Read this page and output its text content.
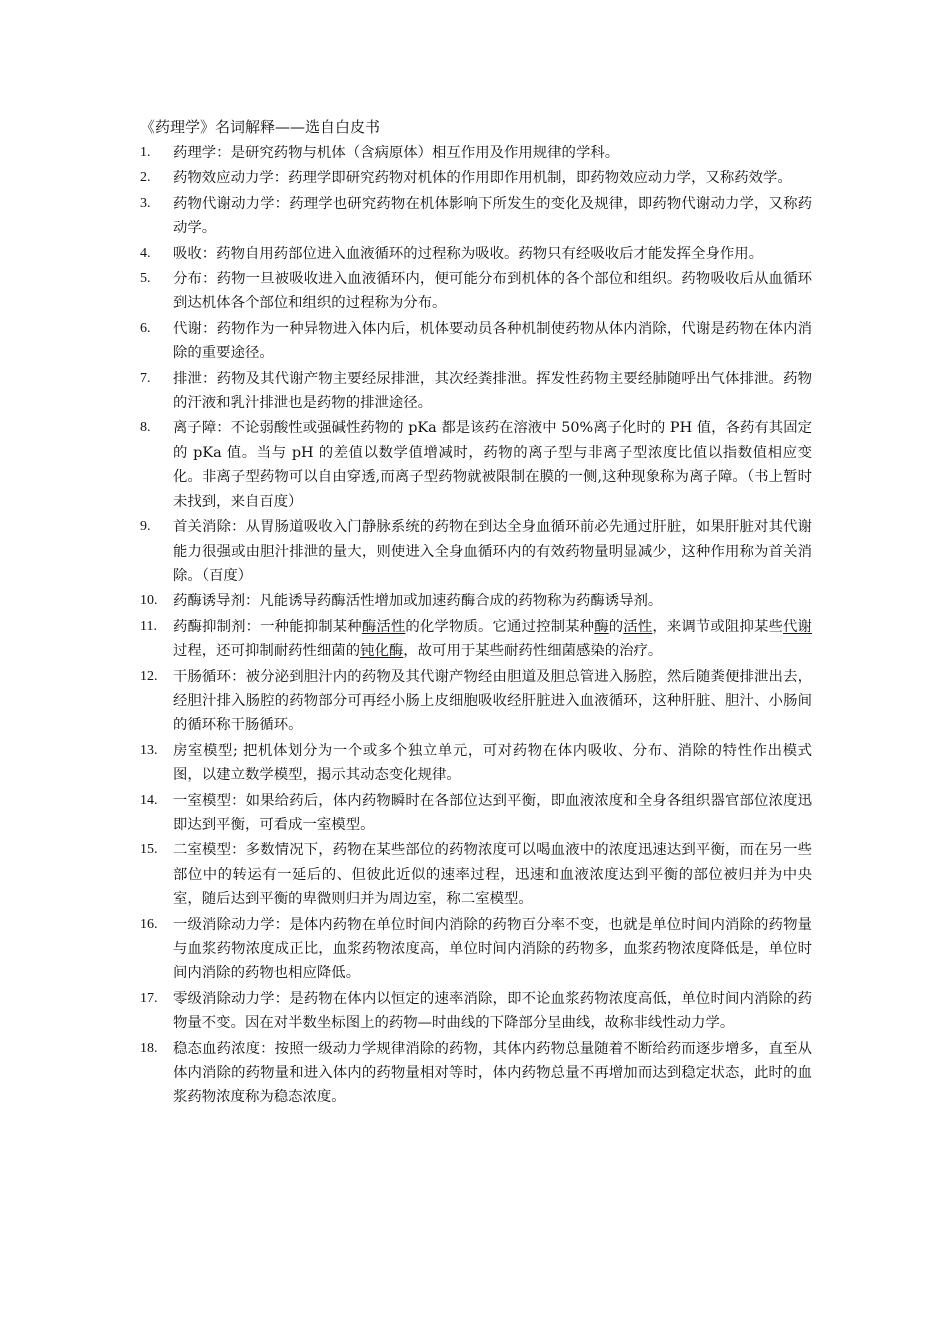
《药理学》名词解释——选自白皮书
1.	药理学：是研究药物与机体（含病原体）相互作用及作用规律的学科。
2.	药物效应动力学：药理学即研究药物对机体的作用即作用机制，即药物效应动力学，又称药效学。
3.	药物代谢动力学：药理学也研究药物在机体影响下所发生的变化及规律，即药物代谢动力学，又称药动学。
4.	吸收：药物自用药部位进入血液循环的过程称为吸收。药物只有经吸收后才能发挥全身作用。
5.	分布：药物一旦被吸收进入血液循环内，便可能分布到机体的各个部位和组织。药物吸收后从血循环到达机体各个部位和组织的过程称为分布。
6.	代谢：药物作为一种异物进入体内后，机体要动员各种机制使药物从体内消除，代谢是药物在体内消除的重要途径。
7.	排泄：药物及其代谢产物主要经尿排泄，其次经粪排泄。挥发性药物主要经肺随呼出气体排泄。药物的汗液和乳汁排泄也是药物的排泄途径。
8.	离子障：不论弱酸性或强碱性药物的 pKa 都是该药在溶液中 50%离子化时的 PH 值，各药有其固定的 pKa 值。当与 pH 的差值以数学值增减时，药物的离子型与非离子型浓度比值以指数值相应变化。非离子型药物可以自由穿透,而离子型药物就被限制在膜的一侧,这种现象称为离子障。（书上暂时未找到，来自百度）
9.	首关消除：从胃肠道吸收入门静脉系统的药物在到达全身血循环前必先通过肝脏，如果肝脏对其代谢能力很强或由胆汁排泄的量大，则使进入全身血循环内的有效药物量明显减少，这种作用称为首关消除。（百度）
10.	药酶诱导剂：凡能诱导药酶活性增加或加速药酶合成的药物称为药酶诱导剂。
11.	药酶抑制剂：一种能抑制某种酶活性的化学物质。它通过控制某种酶的活性，来调节或阻抑某些代谢过程，还可抑制耐药性细菌的钝化酶，故可用于某些耐药性细菌感染的治疗。
12.	干肠循环：被分泌到胆汁内的药物及其代谢产物经由胆道及胆总管进入肠腔，然后随粪便排泄出去，经胆汁排入肠腔的药物部分可再经小肠上皮细胞吸收经肝脏进入血液循环，这种肝脏、胆汁、小肠间的循环称干肠循环。
13.	房室模型; 把机体划分为一个或多个独立单元，可对药物在体内吸收、分布、消除的特性作出模式图，以建立数学模型，揭示其动态变化规律。
14.	一室模型：如果给药后，体内药物瞬时在各部位达到平衡，即血液浓度和全身各组织器官部位浓度迅即达到平衡，可看成一室模型。
15.	二室模型：多数情况下，药物在某些部位的药物浓度可以喝血液中的浓度迅速达到平衡，而在另一些部位中的转运有一延后的、但彼此近似的速率过程，迅速和血液浓度达到平衡的部位被归并为中央室，随后达到平衡的卑微则归并为周边室，称二室模型。
16.	一级消除动力学：是体内药物在单位时间内消除的药物百分率不变，也就是单位时间内消除的药物量与血浆药物浓度成正比，血浆药物浓度高，单位时间内消除的药物多，血浆药物浓度降低是，单位时间内消除的药物也相应降低。
17.	零级消除动力学：是药物在体内以恒定的速率消除，即不论血浆药物浓度高低，单位时间内消除的药物量不变。因在对半数坐标图上的药物—时曲线的下降部分呈曲线，故称非线性动力学。
18.	稳态血药浓度：按照一级动力学规律消除的药物，其体内药物总量随着不断给药而逐步增多，直至从体内消除的药物量和进入体内的药物量相对等时，体内药物总量不再增加而达到稳定状态，此时的血浆药物浓度称为稳态浓度。
